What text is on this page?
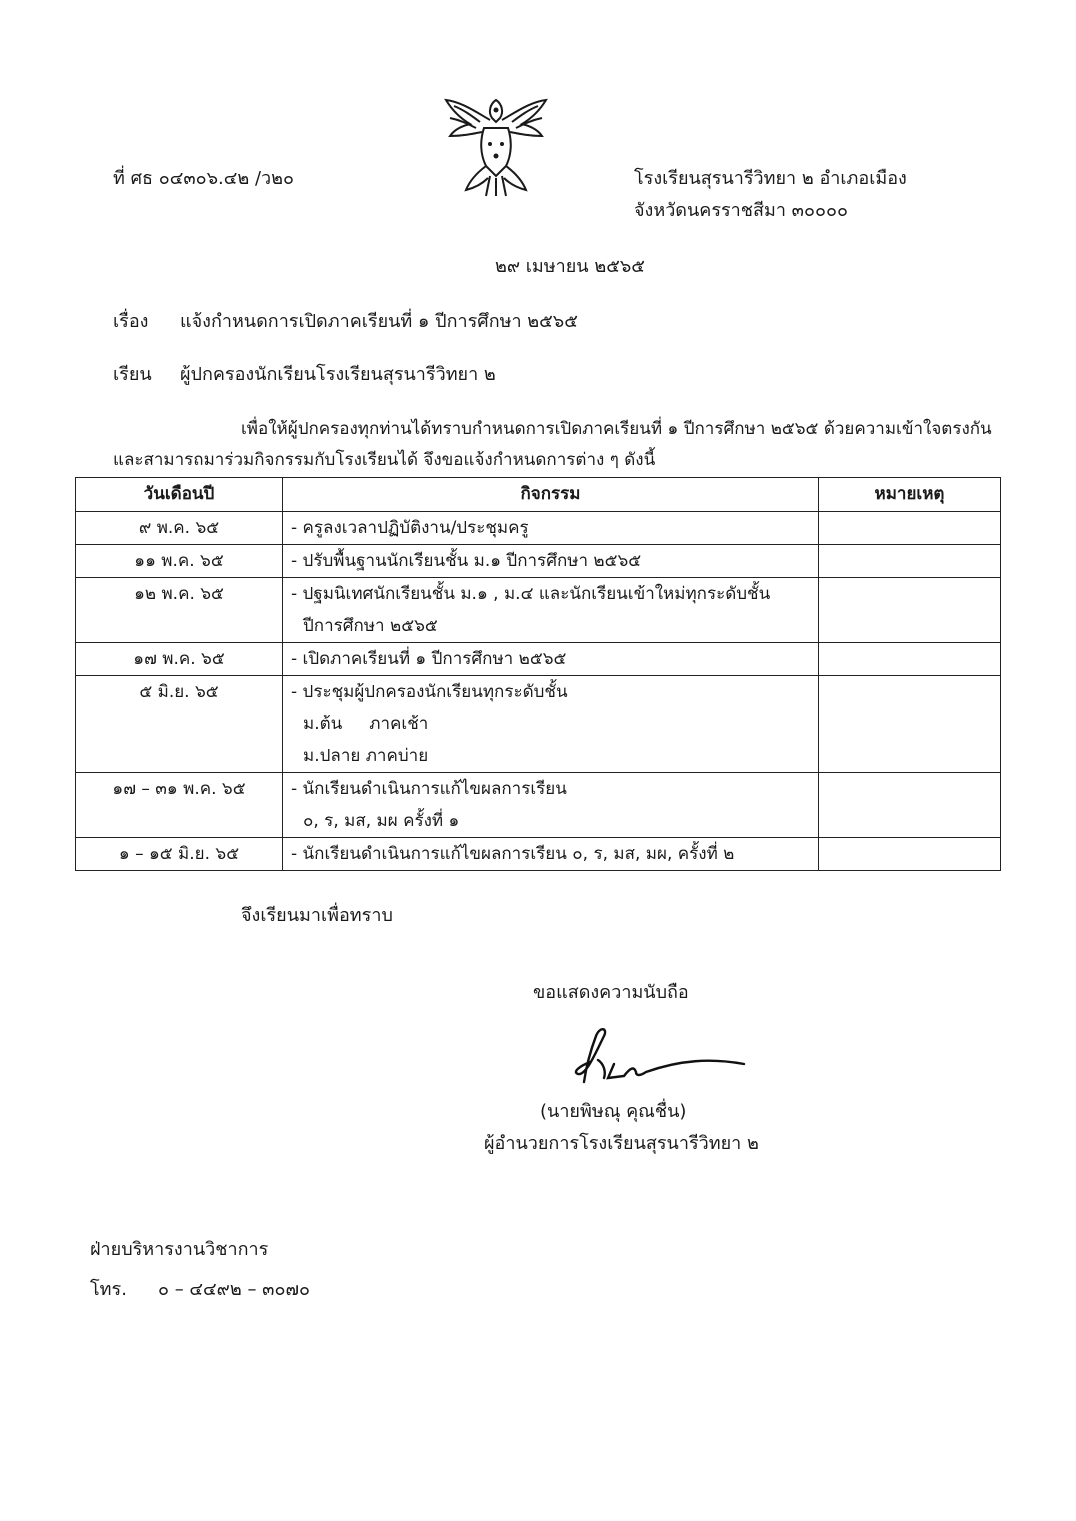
ที่ ศธ ๐๔๓๐๖.๔๒ /ว๒๐	โรงเรียนสุรนารีวิทยา ๒ อำเภอเมือง
จังหวัดนครราชสีมา ๓๐๐๐๐
๒๙ เมษายน ๒๕๖๕
เรื่อง แจ้งกำหนดการเปิดภาคเรียนที่ ๑ ปีการศึกษา ๒๕๖๕
เรียน ผู้ปกครองนักเรียนโรงเรียนสุรนารีวิทยา ๒
เพื่อให้ผู้ปกครองทุกท่านได้ทราบกำหนดการเปิดภาคเรียนที่ ๑ ปีการศึกษา ๒๕๖๕ ด้วยความเข้าใจตรงกัน
และสามารถมาร่วมกิจกรรมกับโรงเรียนได้ จึงขอแจ้งกำหนดการต่าง ๆ ดังนี้
วันเดือนปี	กิจกรรม	หมายเหตุ
๙ พ.ค. ๖๕	- ครูลงเวลาปฏิบัติงาน/ประชุมครู	

๑๑ พ.ค. ๖๕	- ปรับพื้นฐานนักเรียนชั้น ม.๑ ปีการศึกษา ๒๕๖๕	

๑๒ พ.ค. ๖๕	- ปฐมนิเทศนักเรียนชั้น ม.๑ , ม.๔ และนักเรียนเข้าใหม่ทุกระดับชั้น
ปีการศึกษา ๒๕๖๕	

๑๗ พ.ค. ๖๕	- เปิดภาคเรียนที่ ๑ ปีการศึกษา ๒๕๖๕	

๕ มิ.ย. ๖๕	- ประชุมผู้ปกครองนักเรียนทุกระดับชั้น
ม.ต้น     ภาคเช้า
ม.ปลาย ภาคบ่าย	

๑๗ – ๓๑ พ.ค. ๖๕	- นักเรียนดำเนินการแก้ไขผลการเรียน
๐, ร, มส, มผ ครั้งที่ ๑	

๑ – ๑๕ มิ.ย. ๖๕	- นักเรียนดำเนินการแก้ไขผลการเรียน ๐, ร, มส, มผ, ครั้งที่ ๒	

จึงเรียนมาเพื่อทราบ
ขอแสดงความนับถือ
(นายพิษณุ คุณชื่น)
ผู้อำนวยการโรงเรียนสุรนารีวิทยา ๒
ฝ่ายบริหารงานวิชาการ
โทร. ๐ – ๔๔๙๒ – ๓๐๗๐
